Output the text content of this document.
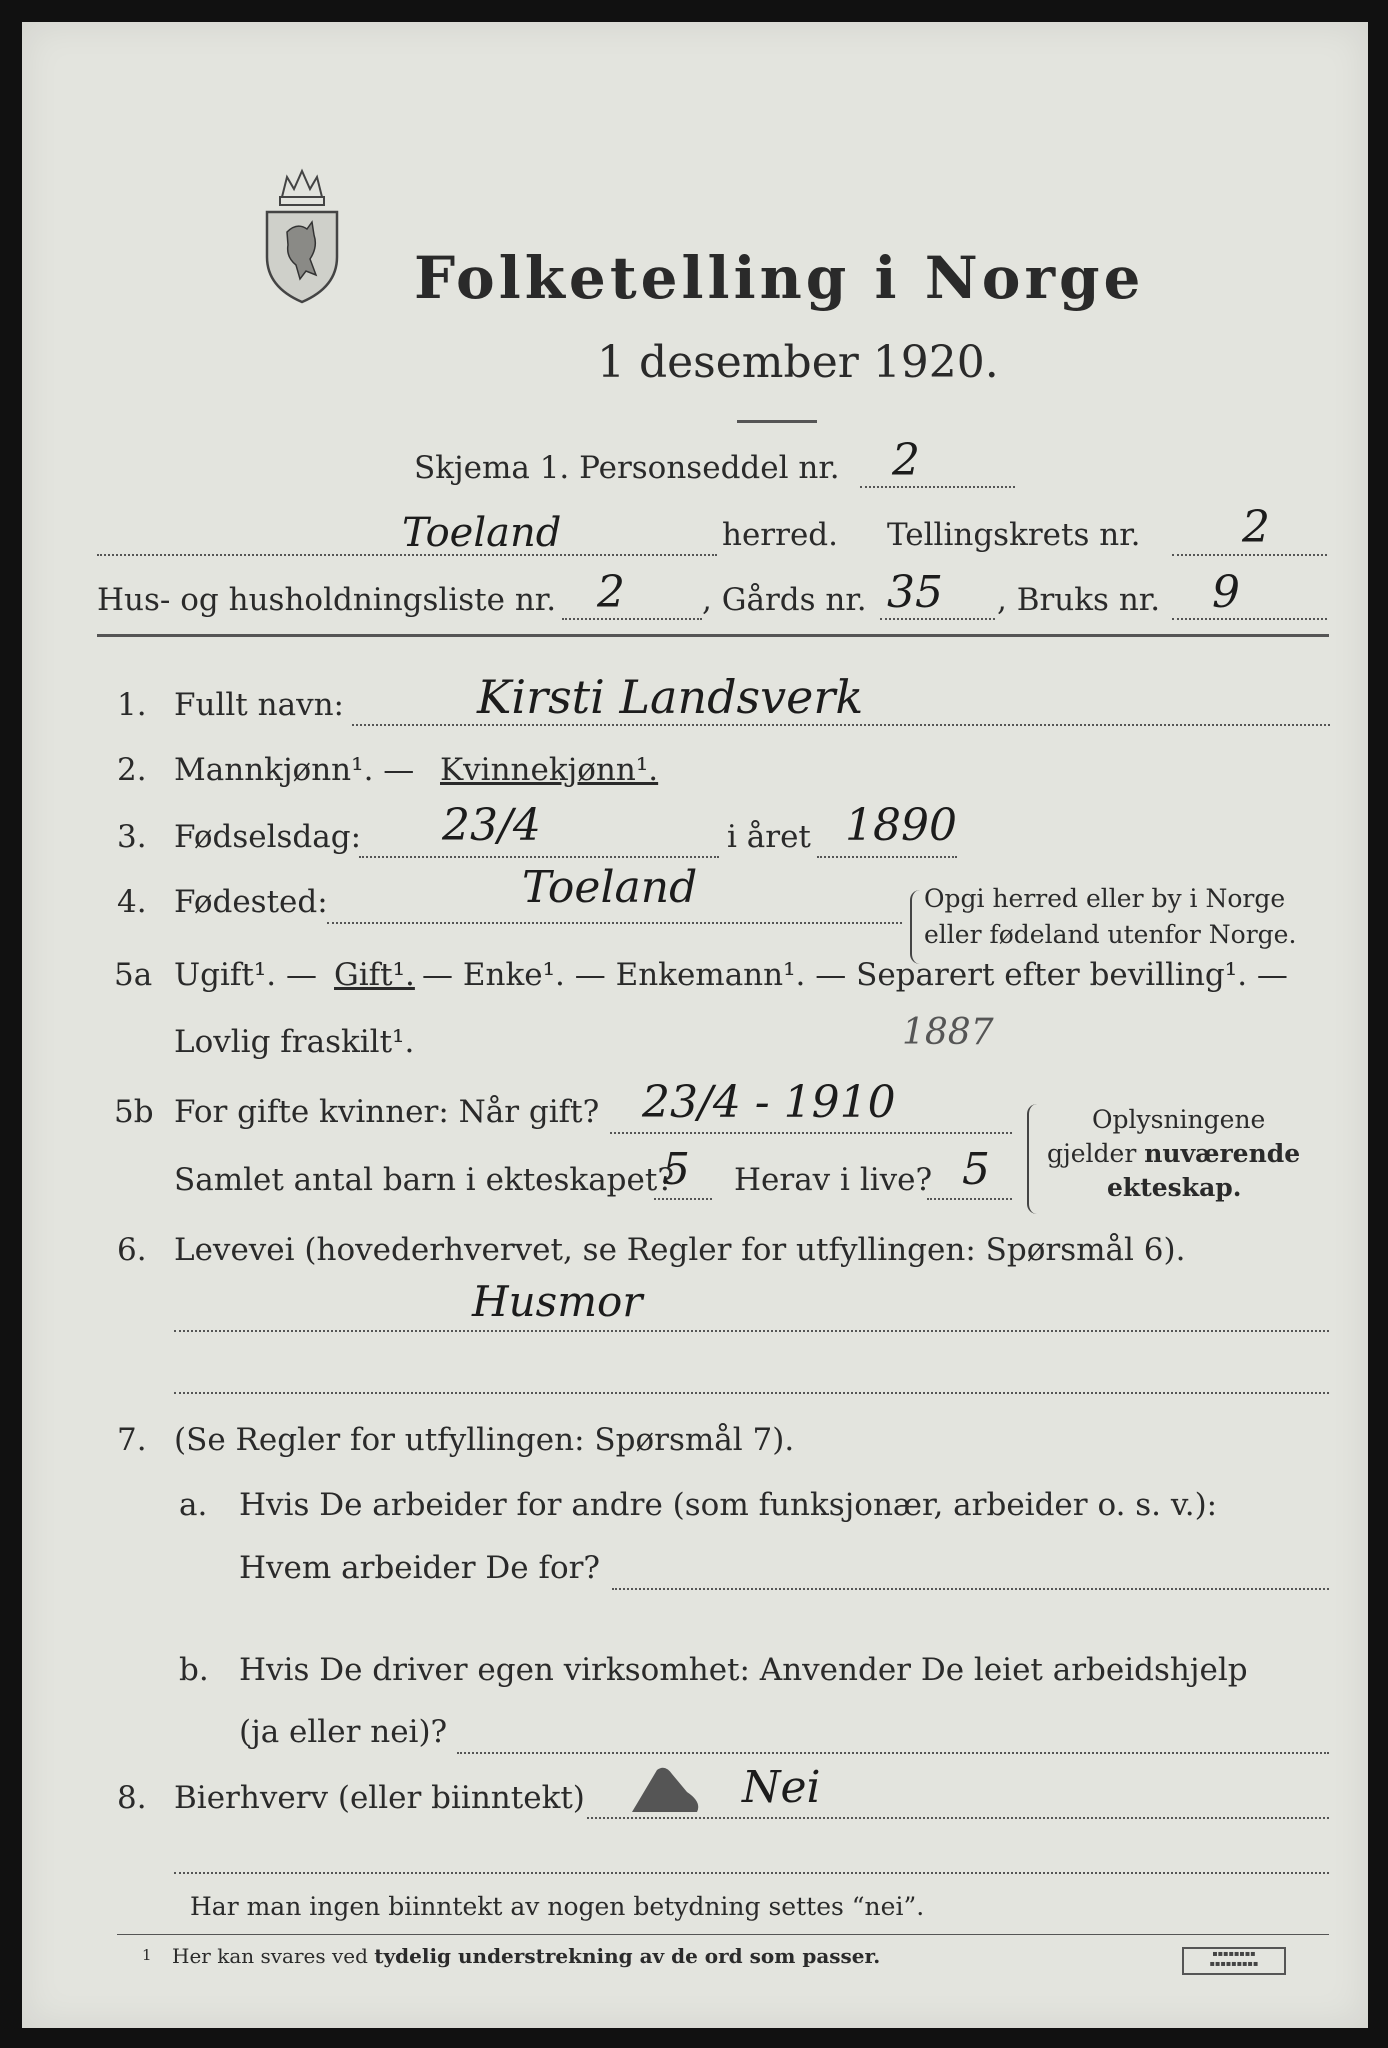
Folketelling i Norge
1 desember 1920.
Skjema 1. Personseddel nr. 2
Toeland	herred. Tellingskrets nr. 2
Hus- og husholdningsliste nr. 2 , Gårds nr. 35 , Bruks nr. 9
1. Fullt navn:	Kirsti Landsverk
2. Mannkjønn¹. — Kvinnekjønn¹.
3. Fødselsdag: 23/4	i året 1890
4. Fødested:	Toeland	Opgi herred eller by i Norge
eller fødeland utenfor Norge.
5a Ugift¹. — Gift¹. — Enke¹. — Enkemann¹. — Separert efter bevilling¹. —
Lovlig fraskilt¹.	1887
5b For gifte kvinner: Når gift? 23/4 - 1910
Samlet antal barn i ekteskapet?
5 Herav i live? 5
Oplysningene
gjelder nuværende
ekteskap.
6. Levevei (hovederhvervet, se Regler for utfyllingen: Spørsmål 6).
Husmor
7. (Se Regler for utfyllingen: Spørsmål 7).
a. Hvis De arbeider for andre (som funksjonær, arbeider o. s. v.):
Hvem arbeider De for?
b. Hvis De driver egen virksomhet: Anvender De leiet arbeidshjelp
(ja eller nei)?
8. Bierhverv (eller biinntekt)	Nei
Har man ingen biinntekt av nogen betydning settes “nei”.
1 Her kan svares ved tydelig understrekning av de ord som passer.	▪▪▪▪▪▪▪▪
▪▪▪▪▪▪▪▪▪
